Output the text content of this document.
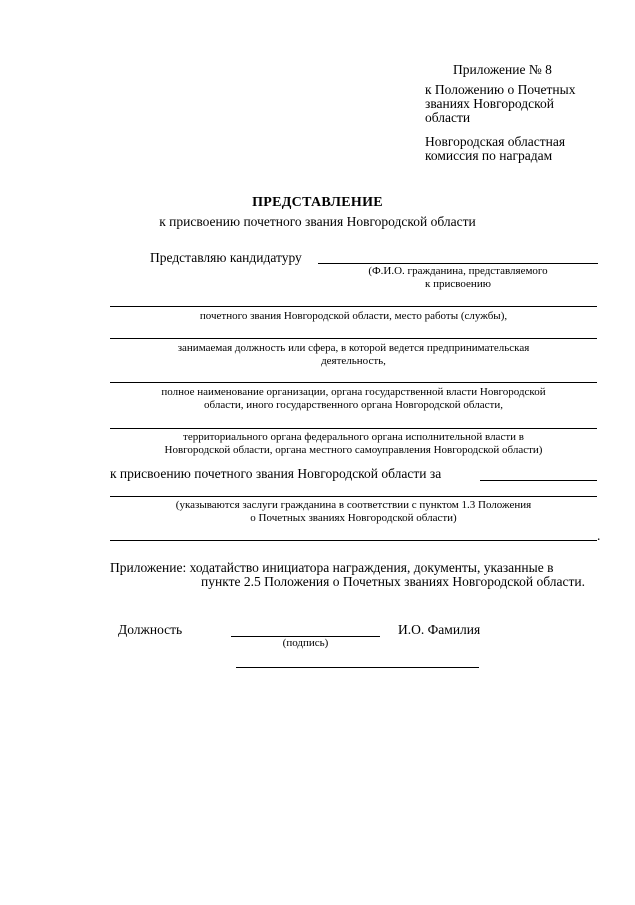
Приложение № 8
к Положению о Почетных
званиях Новгородской
области
Новгородская областная
комиссия по наградам
ПРЕДСТАВЛЕНИЕ
к присвоению почетного звания Новгородской области
Представляю кандидатуру
(Ф.И.О. гражданина, представляемого
к присвоению
почетного звания Новгородской области, место работы (службы),
занимаемая должность или сфера, в которой ведется предпринимательская
деятельность,
полное наименование организации, органа государственной власти Новгородской
области, иного государственного органа Новгородской области,
территориального органа федерального органа исполнительной власти в
Новгородской области, органа местного самоуправления Новгородской области)
к присвоению почетного звания Новгородской области за
(указываются заслуги гражданина в соответствии с пунктом 1.3 Положения
о Почетных званиях Новгородской области)
.
Приложение: ходатайство инициатора награждения, документы, указанные в
пункте 2.5 Положения о Почетных званиях Новгородской области.
Должность
(подпись)
И.О. Фамилия
